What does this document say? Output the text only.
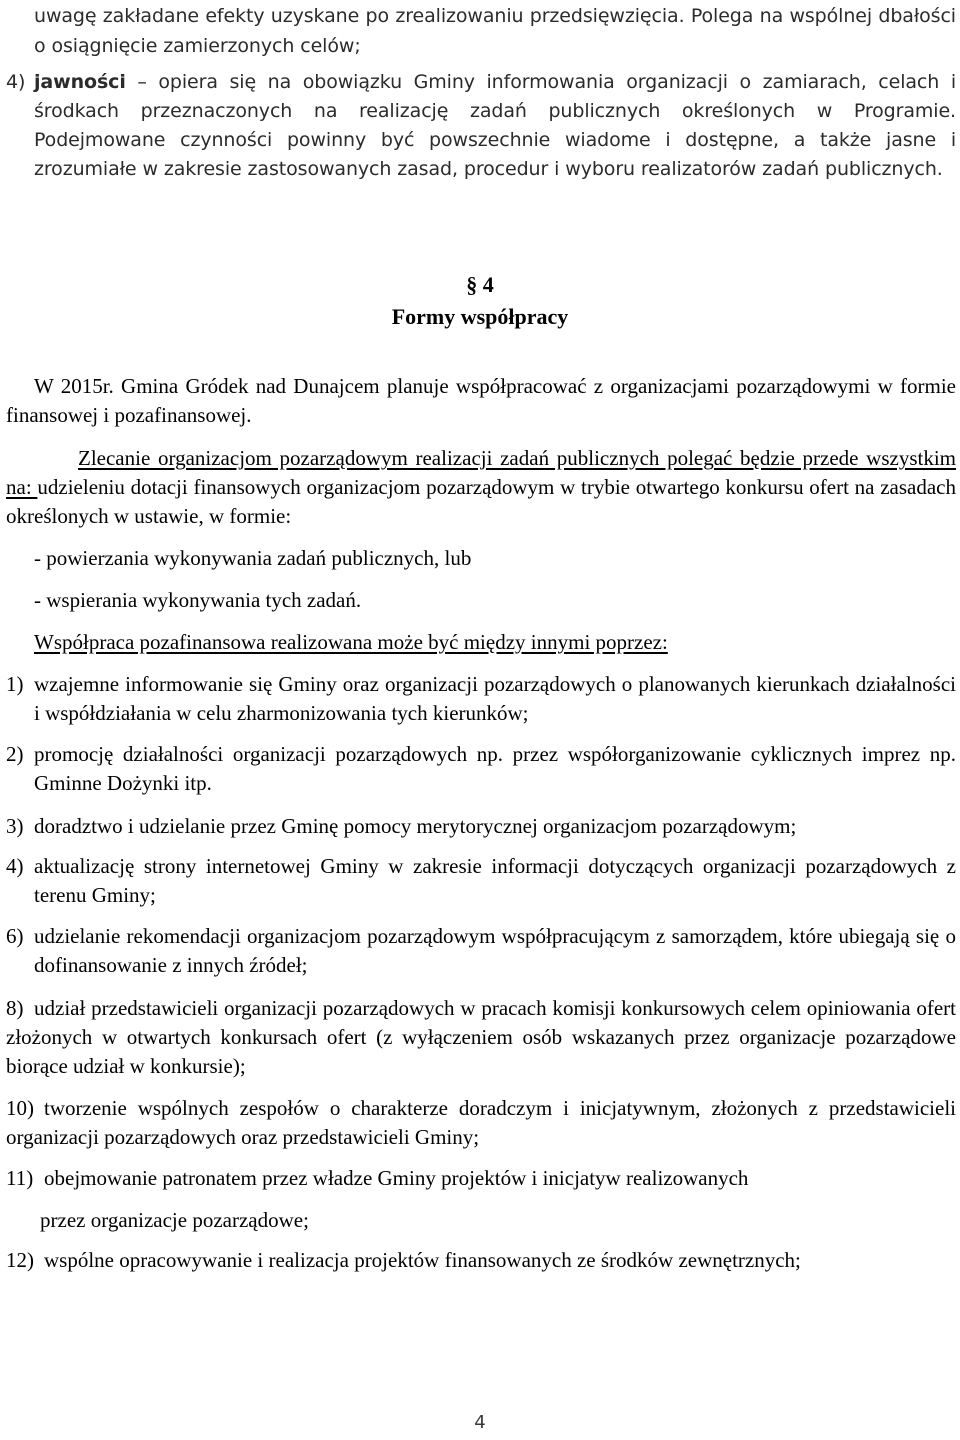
uwagę zakładane efekty uzyskane po zrealizowaniu przedsięwzięcia. Polega na wspólnej dbałości o osiągnięcie zamierzonych celów;

4) jawności – opiera się na obowiązku Gminy informowania organizacji o zamiarach, celach i środkach przeznaczonych na realizację zadań publicznych określonych w Programie. Podejmowane czynności powinny być powszechnie wiadome i dostępne, a także jasne i zrozumiałe w zakresie zastosowanych zasad, procedur i wyboru realizatorów zadań publicznych.

§ 4

Formy współpracy

W 2015r. Gmina Gródek nad Dunajcem planuje współpracować z organizacjami pozarządowymi w formie finansowej i pozafinansowej.

Zlecanie organizacjom pozarządowym realizacji zadań publicznych polegać będzie przede wszystkim na: udzieleniu dotacji finansowych organizacjom pozarządowym w trybie otwartego konkursu ofert na zasadach określonych w ustawie, w formie:

- powierzania wykonywania zadań publicznych, lub

- wspierania wykonywania tych zadań.

Współpraca pozafinansowa realizowana może być między innymi poprzez:

1) wzajemne informowanie się Gminy oraz organizacji pozarządowych o planowanych kierunkach działalności i współdziałania w celu zharmonizowania tych kierunków;
2) promocję działalności organizacji pozarządowych np. przez współorganizowanie cyklicznych imprez np. Gminne Dożynki itp.
3) doradztwo i udzielanie przez Gminę pomocy merytorycznej organizacjom pozarządowym;
4) aktualizację strony internetowej Gminy w zakresie informacji dotyczących organizacji pozarządowych z terenu Gminy;
6) udzielanie rekomendacji organizacjom pozarządowym współpracującym z samorządem, które ubiegają się o dofinansowanie z innych źródeł;
8) udział przedstawicieli organizacji pozarządowych w pracach komisji konkursowych celem opiniowania ofert złożonych w otwartych konkursach ofert (z wyłączeniem osób wskazanych przez organizacje pozarządowe biorące udział w konkursie);
10) tworzenie wspólnych zespołów o charakterze doradczym i inicjatywnym, złożonych z przedstawicieli organizacji pozarządowych oraz przedstawicieli Gminy;
11) obejmowanie patronatem przez władze Gminy projektów i inicjatyw realizowanych
przez organizacje pozarządowe;
12) wspólne opracowywanie i realizacja projektów finansowanych ze środków zewnętrznych;
4
